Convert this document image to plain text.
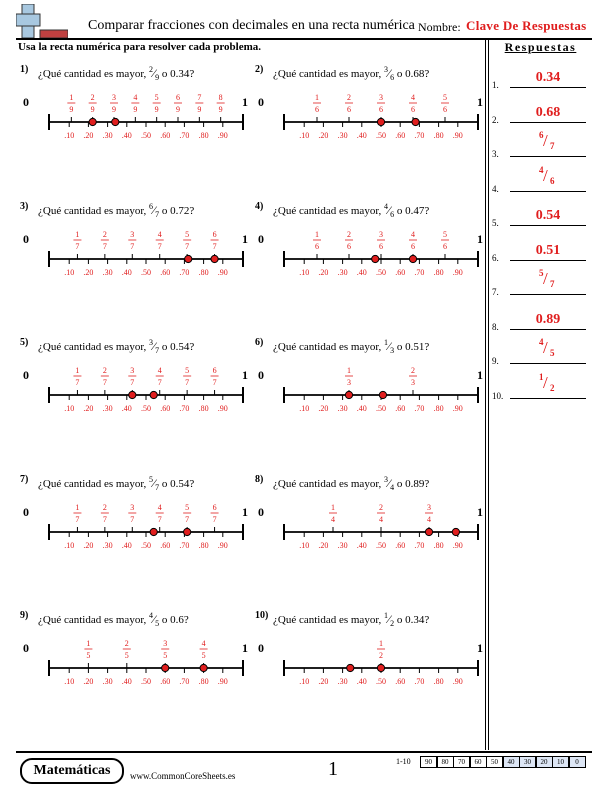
Comparar fracciones con decimales en una recta numérica Nombre: Clave De Respuestas
Usa la recta numérica para resolver cada problema.	Respuestas
1.	0.34
2.	0.68
3.
6 / 7
4.
4 / 6
5.	0.54
6.	0.51
7.
5 / 7
8.	0.89
9.
4 / 5
10.
1 / 2
1) ¿Qué cantidad es mayor, $^2⁄_9$ o 0.34?
0	1
.10 .20 .30 .40 .50 .60 .70 .80 .90
1
9
2
9
3
9
4
9
5
9
6
9
7
9
8
9
2) ¿Qué cantidad es mayor, $^3⁄_6$ o 0.68?
0	1
.10 .20 .30 .40 .50 .60 .70 .80 .90
1
6
2
6
3
6
4
6
5
6
3) ¿Qué cantidad es mayor, $^6⁄_7$ o 0.72?
0	1
.10 .20 .30 .40 .50 .60 .70 .80 .90
1
7
2
7
3
7
4
7
5
7
6
7
4) ¿Qué cantidad es mayor, $^4⁄_6$ o 0.47?
0	1
.10 .20 .30 .40 .50 .60 .70 .80 .90
1
6
2
6
3
6
4
6
5
6
5) ¿Qué cantidad es mayor, $^3⁄_7$ o 0.54?
0	1
.10 .20 .30 .40 .50 .60 .70 .80 .90
1
7
2
7
3
7
4
7
5
7
6
7
6) ¿Qué cantidad es mayor, $^1⁄_3$ o 0.51?
0	1
.10 .20 .30 .40 .50 .60 .70 .80 .90
1
3
2
3
7) ¿Qué cantidad es mayor, $^5⁄_7$ o 0.54?
0	1
.10 .20 .30 .40 .50 .60 .70 .80 .90
1
7
2
7
3
7
4
7
5
7
6
7
8) ¿Qué cantidad es mayor, $^3⁄_4$ o 0.89?
0	1
.10 .20 .30 .40 .50 .60 .70 .80 .90
1
4
2
4
3
4
9) ¿Qué cantidad es mayor, $^4⁄_5$ o 0.6?
0	1
.10 .20 .30 .40 .50 .60 .70 .80 .90
1
5
2
5
3
5
4
5
10) ¿Qué cantidad es mayor, $^1⁄_2$ o 0.34?
0	1
.10 .20 .30 .40 .50 .60 .70 .80 .90
1
2
Matemáticas	www.CommonCoreSheets.es	1	1-10	90	80	70	60	50	40	30	20	10	0
